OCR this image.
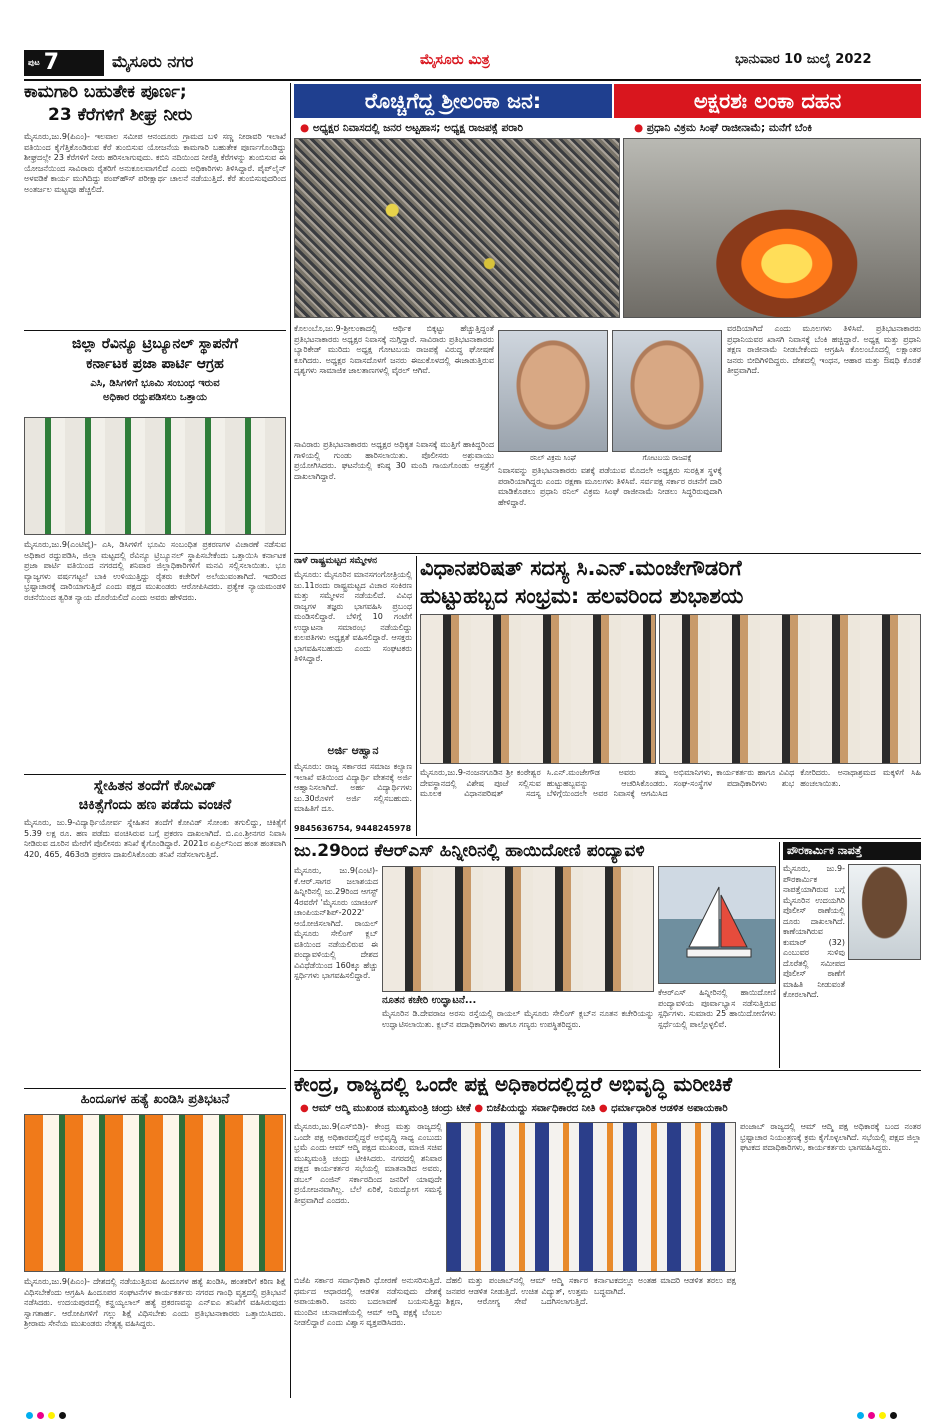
ಪುಟ 7	ಮೈಸೂರು ನಗರ	ಮೈಸೂರು ಮಿತ್ರ	ಭಾನುವಾರ 10 ಜುಲೈ 2022
ಕಾಮಗಾರಿ ಬಹುತೇಕ ಪೂರ್ಣ;
23 ಕೆರೆಗಳಿಗೆ ಶೀಘ್ರ ನೀರು
ಮೈಸೂರು,ಜು.9(ಪಿಎಂ)- ಇಲವಾಲ ಸಮೀಪ ಆನಂದೂರು ಗ್ರಾಮದ ಬಳಿ ಸಣ್ಣ ನೀರಾವರಿ ಇಲಾಖೆ ವತಿಯಿಂದ ಕೈಗೆತ್ತಿಕೊಂಡಿರುವ ಕೆರೆ ತುಂಬಿಸುವ ಯೋಜನೆಯ ಕಾಮಗಾರಿ ಬಹುತೇಕ ಪೂರ್ಣಗೊಂಡಿದ್ದು ಶೀಘ್ರದಲ್ಲೇ 23 ಕೆರೆಗಳಿಗೆ ನೀರು ಹರಿಸಲಾಗುವುದು. ಕಬಿನಿ ನದಿಯಿಂದ ನೀರೆತ್ತಿ ಕೆರೆಗಳನ್ನು ತುಂಬಿಸುವ ಈ ಯೋಜನೆಯಿಂದ ಸಾವಿರಾರು ರೈತರಿಗೆ ಅನುಕೂಲವಾಗಲಿದೆ ಎಂದು ಅಧಿಕಾರಿಗಳು ತಿಳಿಸಿದ್ದಾರೆ. ಪೈಪ್‌ಲೈನ್ ಅಳವಡಿಕೆ ಕಾರ್ಯ ಮುಗಿದಿದ್ದು ಪಂಪ್‌ಹೌಸ್ ಪರೀಕ್ಷಾರ್ಥ ಚಾಲನೆ ನಡೆಯುತ್ತಿದೆ. ಕೆರೆ ತುಂಬಿಸುವುದರಿಂದ ಅಂತರ್ಜಲ ಮಟ್ಟವೂ ಹೆಚ್ಚಲಿದೆ.
ಜಿಲ್ಲಾ ರೆವಿನ್ಯೂ ಟ್ರಿಬ್ಯೂನಲ್ ಸ್ಥಾಪನೆಗೆ
ಕರ್ನಾಟಕ ಪ್ರಜಾ ಪಾರ್ಟಿ ಆಗ್ರಹ
ಎಸಿ, ಡಿಸಿಗಳಿಗೆ ಭೂಮಿ ಸಂಬಂಧ ಇರುವ
ಅಧಿಕಾರ ರದ್ದುಪಡಿಸಲು ಒತ್ತಾಯ
ಮೈಸೂರು,ಜು.9(ಎಂಟಿವೈ)- ಎಸಿ, ಡಿಸಿಗಳಿಗೆ ಭೂಮಿ ಸಂಬಂಧಿತ ಪ್ರಕರಣಗಳ ವಿಚಾರಣೆ ನಡೆಸುವ ಅಧಿಕಾರ ರದ್ದುಪಡಿಸಿ, ಜಿಲ್ಲಾ ಮಟ್ಟದಲ್ಲಿ ರೆವಿನ್ಯೂ ಟ್ರಿಬ್ಯೂನಲ್ ಸ್ಥಾಪಿಸಬೇಕೆಂದು ಒತ್ತಾಯಿಸಿ ಕರ್ನಾಟಕ ಪ್ರಜಾ ಪಾರ್ಟಿ ವತಿಯಿಂದ ನಗರದಲ್ಲಿ ಶನಿವಾರ ಜಿಲ್ಲಾಧಿಕಾರಿಗಳಿಗೆ ಮನವಿ ಸಲ್ಲಿಸಲಾಯಿತು. ಭೂ ವ್ಯಾಜ್ಯಗಳು ವರ್ಷಗಟ್ಟಲೆ ಬಾಕಿ ಉಳಿಯುತ್ತಿದ್ದು ರೈತರು ಕಚೇರಿಗೆ ಅಲೆಯುವಂತಾಗಿದೆ. ಇದರಿಂದ ಭ್ರಷ್ಟಾಚಾರಕ್ಕೆ ದಾರಿಯಾಗುತ್ತಿದೆ ಎಂದು ಪಕ್ಷದ ಮುಖಂಡರು ಆರೋಪಿಸಿದರು. ಪ್ರತ್ಯೇಕ ನ್ಯಾಯಮಂಡಳಿ ರಚನೆಯಿಂದ ತ್ವರಿತ ನ್ಯಾಯ ದೊರೆಯಲಿದೆ ಎಂದು ಅವರು ಹೇಳಿದರು.
ಸ್ನೇಹಿತನ ತಂದೆಗೆ ಕೋವಿಡ್
ಚಿಕಿತ್ಸೆಗೆಂದು ಹಣ ಪಡೆದು ವಂಚನೆ
ಮೈಸೂರು, ಜು.9-ವಿದ್ಯಾರ್ಥಿಯೋರ್ವ ಸ್ನೇಹಿತನ ತಂದೆಗೆ ಕೋವಿಡ್ ಸೋಂಕು ತಗುಲಿದ್ದು, ಚಿಕಿತ್ಸೆಗೆ 5.39 ಲಕ್ಷ ರೂ. ಹಣ ಪಡೆದು ವಂಚಿಸಿರುವ ಬಗ್ಗೆ ಪ್ರಕರಣ ದಾಖಲಾಗಿದೆ. ಬಿ.ಎಂ.ಶ್ರೀನಗರ ನಿವಾಸಿ ನೀಡಿರುವ ದೂರಿನ ಮೇರೆಗೆ ಪೊಲೀಸರು ತನಿಖೆ ಕೈಗೊಂಡಿದ್ದಾರೆ. 2021ರ ಏಪ್ರಿಲ್‌ನಿಂದ ಹಂತ ಹಂತವಾಗಿ 420, 465, 463ರಡಿ ಪ್ರಕರಣ ದಾಖಲಿಸಿಕೊಂಡು ತನಿಖೆ ನಡೆಸಲಾಗುತ್ತಿದೆ.
ಹಿಂದೂಗಳ ಹತ್ಯೆ ಖಂಡಿಸಿ ಪ್ರತಿಭಟನೆ
ಮೈಸೂರು,ಜು.9(ಪಿಎಂ)- ದೇಶದಲ್ಲಿ ನಡೆಯುತ್ತಿರುವ ಹಿಂದೂಗಳ ಹತ್ಯೆ ಖಂಡಿಸಿ, ಹಂತಕರಿಗೆ ಕಠಿಣ ಶಿಕ್ಷೆ ವಿಧಿಸಬೇಕೆಂದು ಆಗ್ರಹಿಸಿ ಹಿಂದೂಪರ ಸಂಘಟನೆಗಳ ಕಾರ್ಯಕರ್ತರು ನಗರದ ಗಾಂಧಿ ವೃತ್ತದಲ್ಲಿ ಪ್ರತಿಭಟನೆ ನಡೆಸಿದರು. ಉದಯಪುರದಲ್ಲಿ ಕನ್ಹಯ್ಯಲಾಲ್ ಹತ್ಯೆ ಪ್ರಕರಣವನ್ನು ಎನ್‌ಐಎ ತನಿಖೆಗೆ ವಹಿಸಿರುವುದು ಸ್ವಾಗತಾರ್ಹ. ಆರೋಪಿಗಳಿಗೆ ಗಲ್ಲು ಶಿಕ್ಷೆ ವಿಧಿಸಬೇಕು ಎಂದು ಪ್ರತಿಭಟನಾಕಾರರು ಒತ್ತಾಯಿಸಿದರು. ಶ್ರೀರಾಮ ಸೇನೆಯ ಮುಖಂಡರು ನೇತೃತ್ವ ವಹಿಸಿದ್ದರು.
ರೊಚ್ಚಿಗೆದ್ದ ಶ್ರೀಲಂಕಾ ಜನ:	ಅಕ್ಷರಶಃ ಲಂಕಾ ದಹನ
● ಅಧ್ಯಕ್ಷರ ನಿವಾಸದಲ್ಲಿ ಜನರ ಅಟ್ಟಹಾಸ; ಅಧ್ಯಕ್ಷ ರಾಜಪಕ್ಸೆ ಪರಾರಿ	● ಪ್ರಧಾನಿ ವಿಕ್ರಮ ಸಿಂಘೆ ರಾಜೀನಾಮೆ; ಮನೆಗೆ ಬೆಂಕಿ
ಕೊಲಂಬೊ,ಜು.9-ಶ್ರೀಲಂಕಾದಲ್ಲಿ ಆರ್ಥಿಕ ಬಿಕ್ಕಟ್ಟು ಹೆಚ್ಚುತ್ತಿದ್ದಂತೆ ಪ್ರತಿಭಟನಾಕಾರರು ಅಧ್ಯಕ್ಷರ ನಿವಾಸಕ್ಕೆ ನುಗ್ಗಿದ್ದಾರೆ. ಸಾವಿರಾರು ಪ್ರತಿಭಟನಾಕಾರರು ಬ್ಯಾರಿಕೇಡ್ ಮುರಿದು ಅಧ್ಯಕ್ಷ ಗೋಟಬಯ ರಾಜಪಕ್ಸೆ ವಿರುದ್ಧ ಘೋಷಣೆ ಕೂಗಿದರು. ಅಧ್ಯಕ್ಷರ ನಿವಾಸದೊಳಗೆ ಜನರು ಈಜುಕೊಳದಲ್ಲಿ ಈಜಾಡುತ್ತಿರುವ ದೃಶ್ಯಗಳು ಸಾಮಾಜಿಕ ಜಾಲತಾಣಗಳಲ್ಲಿ ವೈರಲ್ ಆಗಿವೆ.
ಸಾವಿರಾರು ಪ್ರತಿಭಟನಾಕಾರರು ಅಧ್ಯಕ್ಷರ ಅಧಿಕೃತ ನಿವಾಸಕ್ಕೆ ಮುತ್ತಿಗೆ ಹಾಕಿದ್ದರಿಂದ ಗಾಳಿಯಲ್ಲಿ ಗುಂಡು ಹಾರಿಸಲಾಯಿತು. ಪೊಲೀಸರು ಅಶ್ರುವಾಯು ಪ್ರಯೋಗಿಸಿದರು. ಘಟನೆಯಲ್ಲಿ ಕನಿಷ್ಠ 30 ಮಂದಿ ಗಾಯಗೊಂಡು ಆಸ್ಪತ್ರೆಗೆ ದಾಖಲಾಗಿದ್ದಾರೆ.
ರನಿಲ್ ವಿಕ್ರಮ ಸಿಂಘೆ	ಗೋಟಬಯ ರಾಜಪಕ್ಸೆ
ನಿವಾಸವನ್ನು ಪ್ರತಿಭಟನಾಕಾರರು ವಶಕ್ಕೆ ಪಡೆಯುವ ಮೊದಲೇ ಅಧ್ಯಕ್ಷರು ಸುರಕ್ಷಿತ ಸ್ಥಳಕ್ಕೆ ಪರಾರಿಯಾಗಿದ್ದರು ಎಂದು ರಕ್ಷಣಾ ಮೂಲಗಳು ತಿಳಿಸಿವೆ. ಸರ್ವಪಕ್ಷ ಸರ್ಕಾರ ರಚನೆಗೆ ದಾರಿ ಮಾಡಿಕೊಡಲು ಪ್ರಧಾನಿ ರನಿಲ್ ವಿಕ್ರಮ ಸಿಂಘೆ ರಾಜೀನಾಮೆ ನೀಡಲು ಸಿದ್ಧರಿರುವುದಾಗಿ ಹೇಳಿದ್ದಾರೆ.
ವರದಿಯಾಗಿದೆ ಎಂದು ಮೂಲಗಳು ತಿಳಿಸಿವೆ. ಪ್ರತಿಭಟನಾಕಾರರು ಪ್ರಧಾನಿಯವರ ಖಾಸಗಿ ನಿವಾಸಕ್ಕೆ ಬೆಂಕಿ ಹಚ್ಚಿದ್ದಾರೆ. ಅಧ್ಯಕ್ಷ ಮತ್ತು ಪ್ರಧಾನಿ ತಕ್ಷಣ ರಾಜೀನಾಮೆ ನೀಡಬೇಕೆಂದು ಆಗ್ರಹಿಸಿ ಕೊಲಂಬೊದಲ್ಲಿ ಲಕ್ಷಾಂತರ ಜನರು ಬೀದಿಗಿಳಿದಿದ್ದರು. ದೇಶದಲ್ಲಿ ಇಂಧನ, ಆಹಾರ ಮತ್ತು ಔಷಧಿ ಕೊರತೆ ತೀವ್ರವಾಗಿದೆ.
ನಾಳೆ ರಾಷ್ಟ್ರಮಟ್ಟದ ಸಮ್ಮೇಳನ
ಮೈಸೂರು: ಮೈಸೂರಿನ ಮಾನಸಗಂಗೋತ್ರಿಯಲ್ಲಿ ಜು.11ರಂದು ರಾಷ್ಟ್ರಮಟ್ಟದ ವಿಚಾರ ಸಂಕಿರಣ ಮತ್ತು ಸಮ್ಮೇಳನ ನಡೆಯಲಿದೆ. ವಿವಿಧ ರಾಜ್ಯಗಳ ತಜ್ಞರು ಭಾಗವಹಿಸಿ ಪ್ರಬಂಧ ಮಂಡಿಸಲಿದ್ದಾರೆ. ಬೆಳಿಗ್ಗೆ 10 ಗಂಟೆಗೆ ಉದ್ಘಾಟನಾ ಸಮಾರಂಭ ನಡೆಯಲಿದ್ದು ಕುಲಪತಿಗಳು ಅಧ್ಯಕ್ಷತೆ ವಹಿಸಲಿದ್ದಾರೆ. ಆಸಕ್ತರು ಭಾಗವಹಿಸಬಹುದು ಎಂದು ಸಂಘಟಕರು ತಿಳಿಸಿದ್ದಾರೆ.
ಅರ್ಜಿ ಆಹ್ವಾನ
ಮೈಸೂರು: ರಾಜ್ಯ ಸರ್ಕಾರದ ಸಮಾಜ ಕಲ್ಯಾಣ ಇಲಾಖೆ ವತಿಯಿಂದ ವಿದ್ಯಾರ್ಥಿ ವೇತನಕ್ಕೆ ಅರ್ಜಿ ಆಹ್ವಾನಿಸಲಾಗಿದೆ. ಅರ್ಹ ವಿದ್ಯಾರ್ಥಿಗಳು ಜು.30ರೊಳಗೆ ಅರ್ಜಿ ಸಲ್ಲಿಸಬಹುದು. ಮಾಹಿತಿಗೆ ದೂ.
9845636754, 9448245978
ವಿಧಾನಪರಿಷತ್ ಸದಸ್ಯ ಸಿ.ಎನ್.ಮಂಜೇಗೌಡರಿಗೆ
ಹುಟ್ಟುಹಬ್ಬದ ಸಂಭ್ರಮ: ಹಲವರಿಂದ ಶುಭಾಶಯ
ಮೈಸೂರು,ಜು.9-ನಂಜನಗೂಡಿನ ಶ್ರೀ ಕಂಠೇಶ್ವರ ದೇವಸ್ಥಾನದಲ್ಲಿ ವಿಶೇಷ ಪೂಜೆ ಸಲ್ಲಿಸುವ ಮೂಲಕ ವಿಧಾನಪರಿಷತ್ ಸದಸ್ಯ ಸಿ.ಎನ್.ಮಂಜೇಗೌಡ ಅವರು ತಮ್ಮ ಹುಟ್ಟುಹಬ್ಬವನ್ನು ಆಚರಿಸಿಕೊಂಡರು. ಬೆಳಿಗ್ಗೆಯಿಂದಲೇ ಅವರ ನಿವಾಸಕ್ಕೆ ಆಗಮಿಸಿದ ಅಭಿಮಾನಿಗಳು, ಕಾರ್ಯಕರ್ತರು ಹಾಗೂ ವಿವಿಧ ಸಂಘ-ಸಂಸ್ಥೆಗಳ ಪದಾಧಿಕಾರಿಗಳು ಶುಭ ಕೋರಿದರು. ಅನಾಥಾಶ್ರಮದ ಮಕ್ಕಳಿಗೆ ಸಿಹಿ ಹಂಚಲಾಯಿತು.
ಜು.29ರಿಂದ ಕೆಆರ್‌ಎಸ್ ಹಿನ್ನೀರಿನಲ್ಲಿ ಹಾಯಿದೋಣಿ ಪಂದ್ಯಾವಳಿ
ಮೈಸೂರು, ಜು.9(ಎಂಟಿ)- ಕೆ.ಆರ್.ಸಾಗರ ಜಲಾಶಯದ ಹಿನ್ನೀರಿನಲ್ಲಿ ಜು.29ರಿಂದ ಆಗಸ್ಟ್ 4ರವರೆಗೆ 'ಮೈಸೂರು ಯಾಚಿಂಗ್ ಚಾಂಪಿಯನ್‌ಶಿಪ್-2022' ಆಯೋಜಿಸಲಾಗಿದೆ. ರಾಯಲ್ ಮೈಸೂರು ಸೇಲಿಂಗ್ ಕ್ಲಬ್ ವತಿಯಿಂದ ನಡೆಯಲಿರುವ ಈ ಪಂದ್ಯಾವಳಿಯಲ್ಲಿ ದೇಶದ ವಿವಿಧೆಡೆಯಿಂದ 160ಕ್ಕೂ ಹೆಚ್ಚು ಸ್ಪರ್ಧಿಗಳು ಭಾಗವಹಿಸಲಿದ್ದಾರೆ.
ನೂತನ ಕಚೇರಿ ಉದ್ಘಾಟನೆ...
ಮೈಸೂರಿನ ಡಿ.ದೇವರಾಜ ಅರಸು ರಸ್ತೆಯಲ್ಲಿ ರಾಯಲ್ ಮೈಸೂರು ಸೇಲಿಂಗ್ ಕ್ಲಬ್‌ನ ನೂತನ ಕಚೇರಿಯನ್ನು ಉದ್ಘಾಟಿಸಲಾಯಿತು. ಕ್ಲಬ್‌ನ ಪದಾಧಿಕಾರಿಗಳು ಹಾಗೂ ಗಣ್ಯರು ಉಪಸ್ಥಿತರಿದ್ದರು.
ಕೆಆರ್‌ಎಸ್ ಹಿನ್ನೀರಿನಲ್ಲಿ ಹಾಯಿದೋಣಿ ಪಂದ್ಯಾವಳಿಯ ಪೂರ್ವಾಭ್ಯಾಸ ನಡೆಸುತ್ತಿರುವ ಸ್ಪರ್ಧಿಗಳು. ಸುಮಾರು 25 ಹಾಯಿದೋಣಿಗಳು ಸ್ಪರ್ಧೆಯಲ್ಲಿ ಪಾಲ್ಗೊಳ್ಳಲಿವೆ.
ಪೌರಕಾರ್ಮಿಕ ನಾಪತ್ತೆ
ಮೈಸೂರು, ಜು.9- ಪೌರಕಾರ್ಮಿಕ ನಾಪತ್ತೆಯಾಗಿರುವ ಬಗ್ಗೆ ಮೈಸೂರಿನ ಉದಯಗಿರಿ ಪೊಲೀಸ್ ಠಾಣೆಯಲ್ಲಿ ದೂರು ದಾಖಲಾಗಿದೆ. ಕಾಣೆಯಾಗಿರುವ ಕುಮಾರ್ (32) ಎಂಬುವರ ಸುಳಿವು ದೊರೆತಲ್ಲಿ ಸಮೀಪದ ಪೊಲೀಸ್ ಠಾಣೆಗೆ ಮಾಹಿತಿ ನೀಡುವಂತೆ ಕೋರಲಾಗಿದೆ.
ಕೇಂದ್ರ, ರಾಜ್ಯದಲ್ಲಿ ಒಂದೇ ಪಕ್ಷ ಅಧಿಕಾರದಲ್ಲಿದ್ದರೆ ಅಭಿವೃದ್ಧಿ ಮರೀಚಿಕೆ
● ಆಮ್ ಆದ್ಮಿ ಮುಖಂಡ ಮುಖ್ಯಮಂತ್ರಿ ಚಂದ್ರು ಟೀಕೆ ● ಬಿಜೆಪಿಯದ್ದು ಸರ್ವಾಧಿಕಾರದ ನೀತಿ ● ಧರ್ಮಾಧಾರಿತ ಆಡಳಿತ ಅಪಾಯಕಾರಿ
ಮೈಸೂರು,ಜು.9(ಎಸ್‌ಬಿಡಿ)- ಕೇಂದ್ರ ಮತ್ತು ರಾಜ್ಯದಲ್ಲಿ ಒಂದೇ ಪಕ್ಷ ಅಧಿಕಾರದಲ್ಲಿದ್ದರೆ ಅಭಿವೃದ್ಧಿ ಸಾಧ್ಯ ಎಂಬುದು ಭ್ರಮೆ ಎಂದು ಆಮ್ ಆದ್ಮಿ ಪಕ್ಷದ ಮುಖಂಡ, ಮಾಜಿ ಸಚಿವ ಮುಖ್ಯಮಂತ್ರಿ ಚಂದ್ರು ಟೀಕಿಸಿದರು. ನಗರದಲ್ಲಿ ಶನಿವಾರ ಪಕ್ಷದ ಕಾರ್ಯಕರ್ತರ ಸಭೆಯಲ್ಲಿ ಮಾತನಾಡಿದ ಅವರು, ಡಬಲ್ ಎಂಜಿನ್ ಸರ್ಕಾರದಿಂದ ಜನರಿಗೆ ಯಾವುದೇ ಪ್ರಯೋಜನವಾಗಿಲ್ಲ. ಬೆಲೆ ಏರಿಕೆ, ನಿರುದ್ಯೋಗ ಸಮಸ್ಯೆ ತೀವ್ರವಾಗಿದೆ ಎಂದರು.
ಪಂಜಾಬ್ ರಾಜ್ಯದಲ್ಲಿ ಆಮ್ ಆದ್ಮಿ ಪಕ್ಷ ಅಧಿಕಾರಕ್ಕೆ ಬಂದ ನಂತರ ಭ್ರಷ್ಟಾಚಾರ ನಿಯಂತ್ರಣಕ್ಕೆ ಕ್ರಮ ಕೈಗೊಳ್ಳಲಾಗಿದೆ. ಸಭೆಯಲ್ಲಿ ಪಕ್ಷದ ಜಿಲ್ಲಾ ಘಟಕದ ಪದಾಧಿಕಾರಿಗಳು, ಕಾರ್ಯಕರ್ತರು ಭಾಗವಹಿಸಿದ್ದರು.
ಬಿಜೆಪಿ ಸರ್ಕಾರ ಸರ್ವಾಧಿಕಾರಿ ಧೋರಣೆ ಅನುಸರಿಸುತ್ತಿದೆ. ಧರ್ಮದ ಆಧಾರದಲ್ಲಿ ಆಡಳಿತ ನಡೆಸುವುದು ದೇಶಕ್ಕೆ ಅಪಾಯಕಾರಿ. ಜನರು ಬದಲಾವಣೆ ಬಯಸುತ್ತಿದ್ದು ಮುಂದಿನ ಚುನಾವಣೆಯಲ್ಲಿ ಆಮ್ ಆದ್ಮಿ ಪಕ್ಷಕ್ಕೆ ಬೆಂಬಲ ನೀಡಲಿದ್ದಾರೆ ಎಂದು ವಿಶ್ವಾಸ ವ್ಯಕ್ತಪಡಿಸಿದರು.
ದೆಹಲಿ ಮತ್ತು ಪಂಜಾಬ್‌ನಲ್ಲಿ ಆಮ್ ಆದ್ಮಿ ಸರ್ಕಾರ ಜನಪರ ಆಡಳಿತ ನೀಡುತ್ತಿದೆ. ಉಚಿತ ವಿದ್ಯುತ್, ಉತ್ತಮ ಶಿಕ್ಷಣ, ಆರೋಗ್ಯ ಸೇವೆ ಒದಗಿಸಲಾಗುತ್ತಿದೆ. ಕರ್ನಾಟಕದಲ್ಲೂ ಅಂತಹ ಮಾದರಿ ಆಡಳಿತ ತರಲು ಪಕ್ಷ ಬದ್ಧವಾಗಿದೆ.
